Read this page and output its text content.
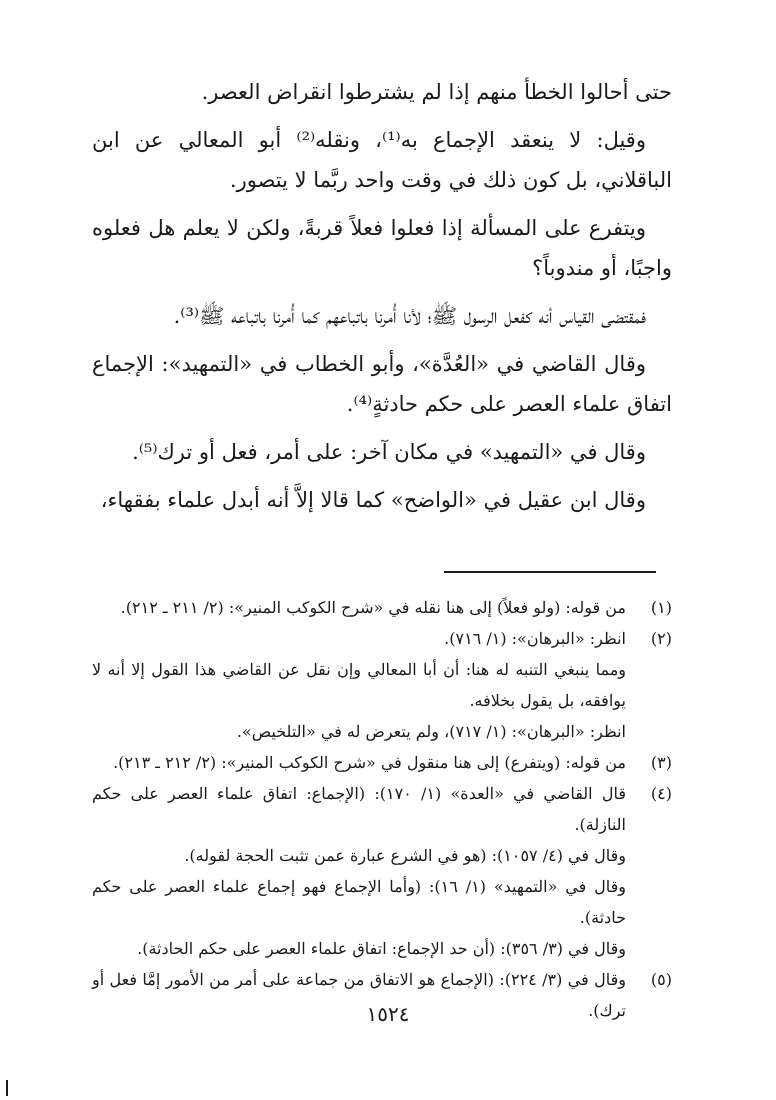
حتى أحالوا الخطأ منهم إذا لم يشترطوا انقراض العصر.

وقيل: لا ينعقد الإجماع به⁽¹⁾، ونقله⁽²⁾ أبو المعالي عن ابن الباقلاني، بل كون ذلك في وقت واحد ربَّما لا يتصور.

ويتفرع على المسألة إذا فعلوا فعلاً قربةً، ولكن لا يعلم هل فعلوه واجبًا، أو مندوباً؟

فمقتضى القياس أنه كفعل الرسول ﷺ؛ لأنا أُمرنا باتباعهم كما أُمرنا باتباعه ﷺ⁽³⁾.

وقال القاضي في «العُدَّة»، وأبو الخطاب في «التمهيد»: الإجماع اتفاق علماء العصر على حكم حادثةٍ⁽⁴⁾.

وقال في «التمهيد» في مكان آخر: على أمر، فعل أو ترك⁽⁵⁾.

وقال ابن عقيل في «الواضح» كما قالا إلاَّ أنه أبدل علماء بفقهاء،

(١)
من قوله: (ولو فعلاً) إلى هنا نقله في «شرح الكوكب المنير»: (٢/ ٢١١ ـ ٢١٢).
(٢)
انظر: «البرهان»: (١/ ٧١٦).
ومما ينبغي التنبه له هنا: أن أبا المعالي وإن نقل عن القاضي هذا القول إلا أنه لا يوافقه، بل يقول بخلافه.
انظر: «البرهان»: (١/ ٧١٧)، ولم يتعرض له في «التلخيص».
(٣)
من قوله: (ويتفرع) إلى هنا منقول في «شرح الكوكب المنير»: (٢/ ٢١٢ ـ ٢١٣).
(٤)
قال القاضي في «العدة» (١/ ١٧٠): (الإجماع: اتفاق علماء العصر على حكم النازلة).
وقال في (٤/ ١٠٥٧): (هو في الشرع عبارة عمن تثبت الحجة لقوله).
وقال في «التمهيد» (١/ ١٦): (وأما الإجماع فهو إجماع علماء العصر على حكم حادثة).
وقال في (٣/ ٣٥٦): (أن حد الإجماع: اتفاق علماء العصر على حكم الحادثة).
(٥)
وقال في (٣/ ٢٢٤): (الإجماع هو الاتفاق من جماعة على أمر من الأمور إمَّا فعل أو ترك).
١٥٢٤
